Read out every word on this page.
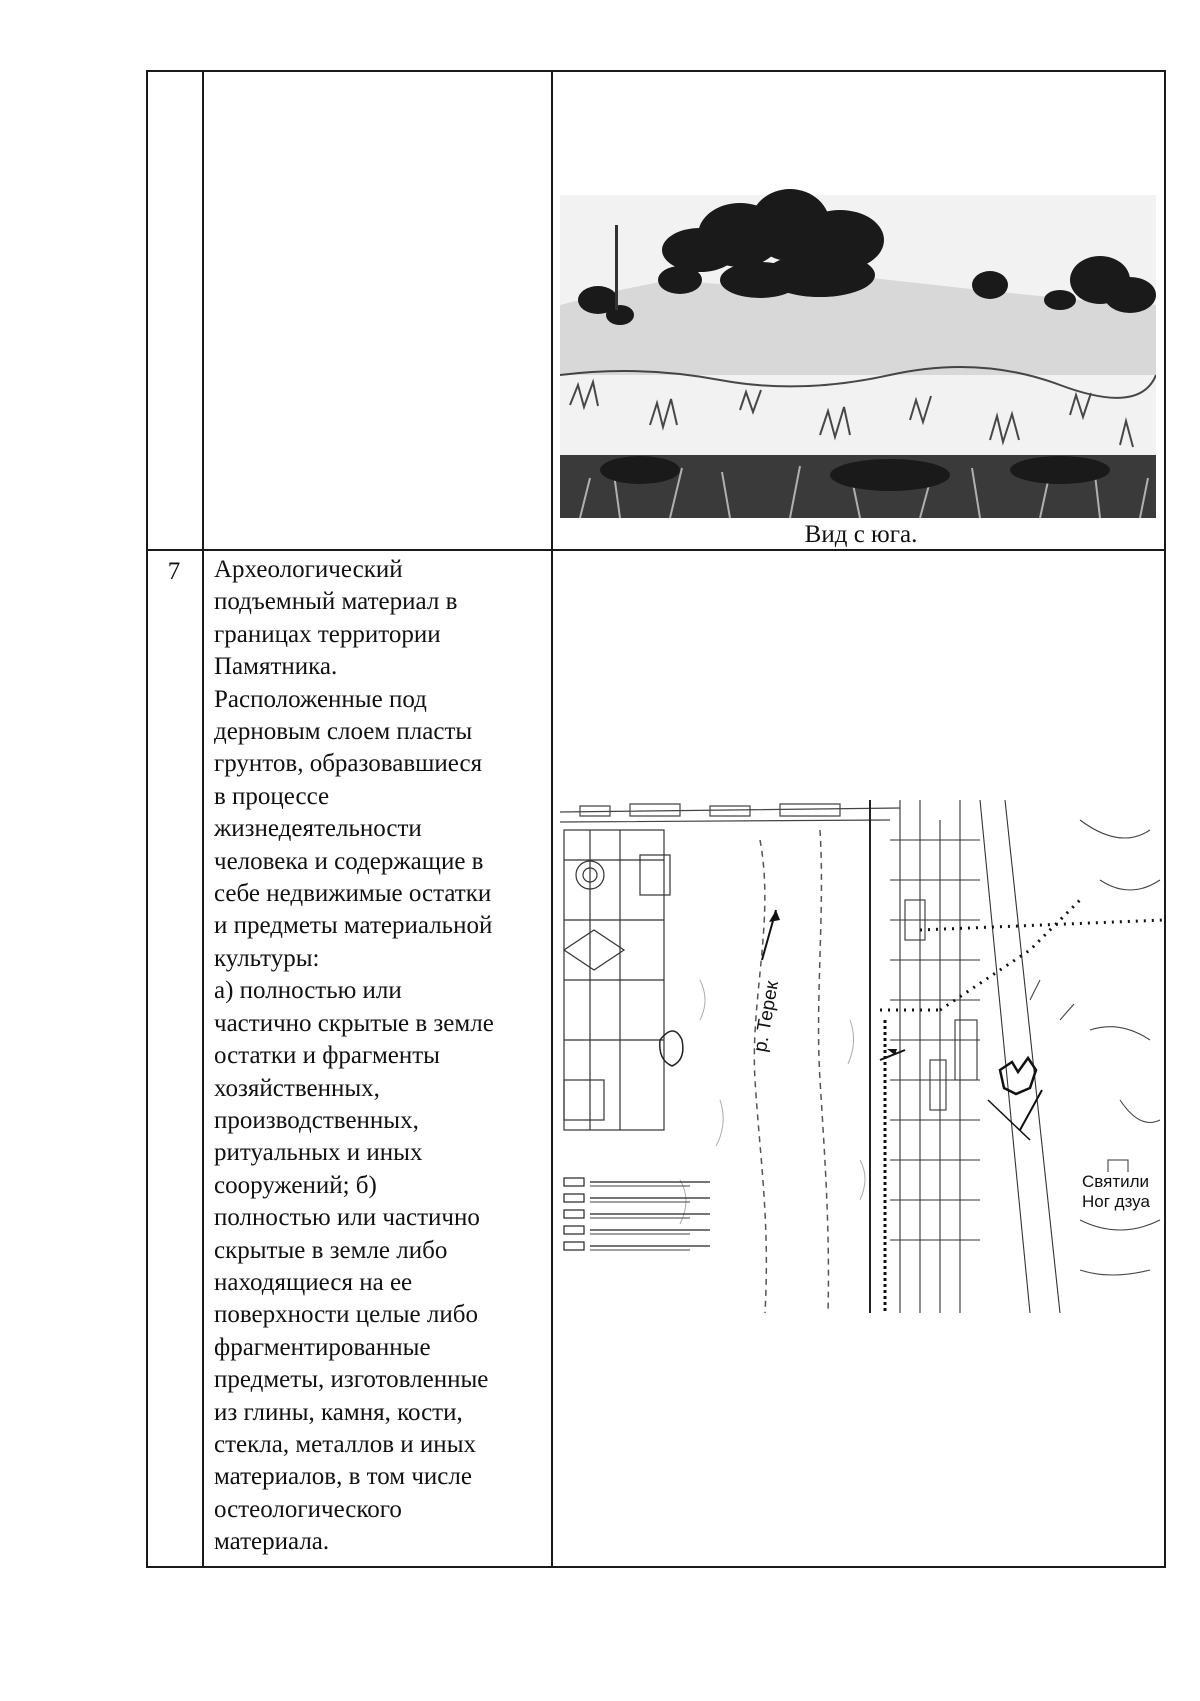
Вид с юга.
7	Археологический
подъемный материал в
границах территории
Памятника.
Расположенные под
дерновым слоем пласты
грунтов, образовавшиеся
в процессе
жизнедеятельности
человека и содержащие в
себе недвижимые остатки
и предметы материальной
культуры:
а) полностью или
частично скрытые в земле
остатки и фрагменты
хозяйственных,
производственных,
ритуальных и иных
сооружений; б)
полностью или частично
скрытые в земле либо
находящиеся на ее
поверхности целые либо
фрагментированные
предметы, изготовленные
из глины, камня, кости,
стекла, металлов и иных
материалов, в том числе
остеологического
материала.
р. Терек
Святили
Ног дзуа
